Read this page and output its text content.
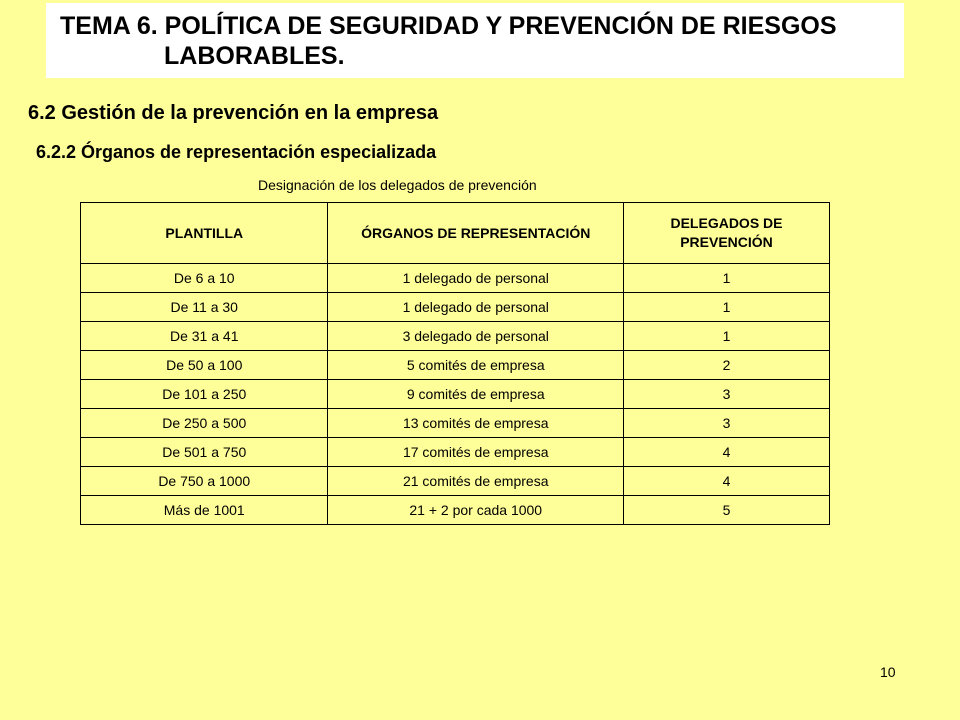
TEMA 6. POLÍTICA DE SEGURIDAD Y PREVENCIÓN DE RIESGOS
LABORABLES.
6.2 Gestión de la prevención en la empresa
6.2.2 Órganos de representación especializada
Designación de los delegados de prevención
PLANTILLA	ÓRGANOS DE REPRESENTACIÓN	DELEGADOS DE PREVENCIÓN
De 6 a 10	1 delegado de personal	1
De 11 a 30	1 delegado de personal	1
De 31 a 41	3 delegado de personal	1
De 50 a 100	5 comités de empresa	2
De 101 a 250	9 comités de empresa	3
De 250 a 500	13 comités de empresa	3
De 501 a 750	17 comités de empresa	4
De 750 a 1000	21 comités de empresa	4
Más de 1001	21 + 2 por cada 1000	5
10
